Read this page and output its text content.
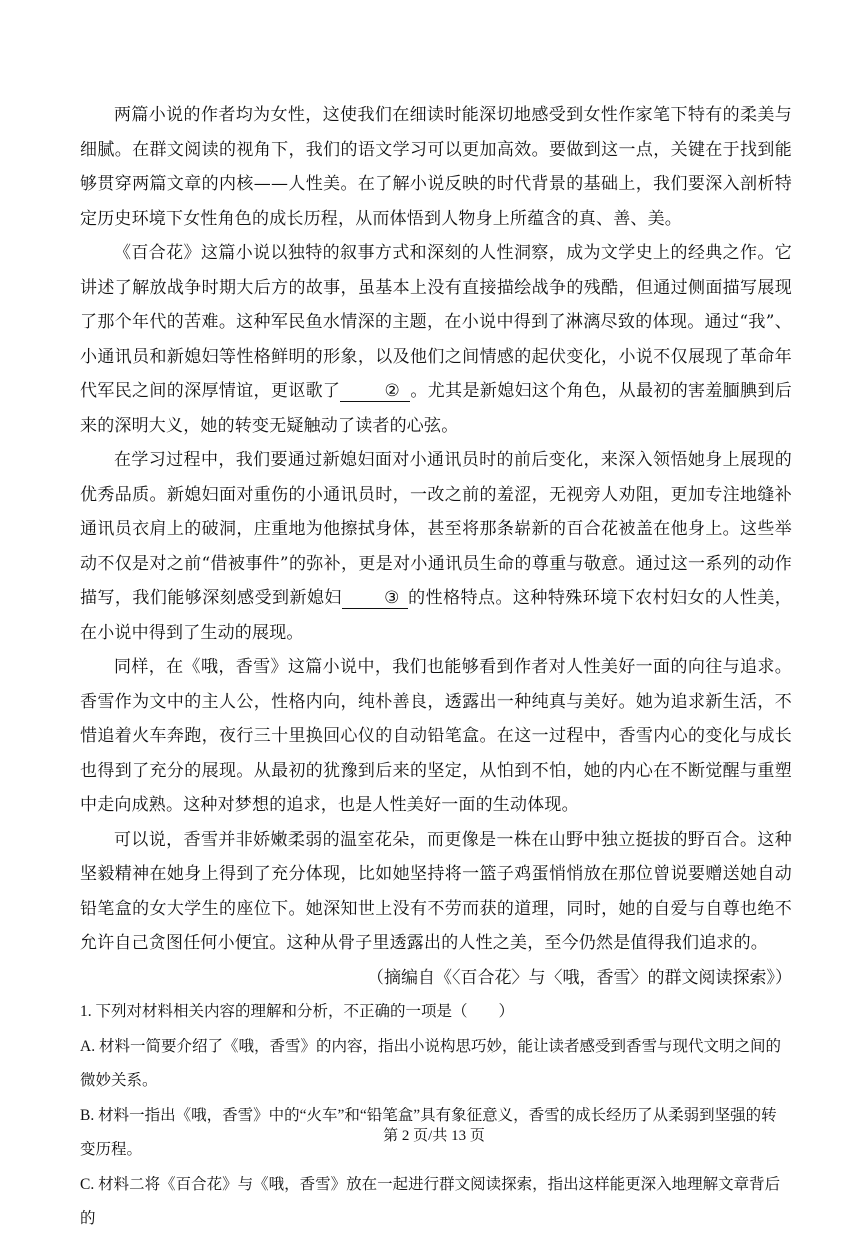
两篇小说的作者均为女性，这使我们在细读时能深切地感受到女性作家笔下特有的柔美与细腻。在群文阅读的视角下，我们的语文学习可以更加高效。要做到这一点，关键在于找到能够贯穿两篇文章的内核——人性美。在了解小说反映的时代背景的基础上，我们要深入剖析特定历史环境下女性角色的成长历程，从而体悟到人物身上所蕴含的真、善、美。

《百合花》这篇小说以独特的叙事方式和深刻的人性洞察，成为文学史上的经典之作。它讲述了解放战争时期大后方的故事，虽基本上没有直接描绘战争的残酷，但通过侧面描写展现了那个年代的苦难。这种军民鱼水情深的主题，在小说中得到了淋漓尽致的体现。通过“我”、小通讯员和新媳妇等性格鲜明的形象，以及他们之间情感的起伏变化，小说不仅展现了革命年代军民之间的深厚情谊，更讴歌了	② 。尤其是新媳妇这个角色，从最初的害羞腼腆到后来的深明大义，她的转变无疑触动了读者的心弦。

在学习过程中，我们要通过新媳妇面对小通讯员时的前后变化，来深入领悟她身上展现的优秀品质。新媳妇面对重伤的小通讯员时，一改之前的羞涩，无视旁人劝阻，更加专注地缝补通讯员衣肩上的破洞，庄重地为他擦拭身体，甚至将那条崭新的百合花被盖在他身上。这些举动不仅是对之前“借被事件”的弥补，更是对小通讯员生命的尊重与敬意。通过这一系列的动作描写，我们能够深刻感受到新媳妇 ③ 的性格特点。这种特殊环境下农村妇女的人性美，在小说中得到了生动的展现。

同样，在《哦，香雪》这篇小说中，我们也能够看到作者对人性美好一面的向往与追求。香雪作为文中的主人公，性格内向，纯朴善良，透露出一种纯真与美好。她为追求新生活，不惜追着火车奔跑，夜行三十里换回心仪的自动铅笔盒。在这一过程中，香雪内心的变化与成长也得到了充分的展现。从最初的犹豫到后来的坚定，从怕到不怕，她的内心在不断觉醒与重塑中走向成熟。这种对梦想的追求，也是人性美好一面的生动体现。

可以说，香雪并非娇嫩柔弱的温室花朵，而更像是一株在山野中独立挺拔的野百合。这种坚毅精神在她身上得到了充分体现，比如她坚持将一篮子鸡蛋悄悄放在那位曾说要赠送她自动铅笔盒的女大学生的座位下。她深知世上没有不劳而获的道理，同时，她的自爱与自尊也绝不允许自己贪图任何小便宜。这种从骨子里透露出的人性之美，至今仍然是值得我们追求的。

（摘编自《〈百合花〉与〈哦，香雪〉的群文阅读探索》）

1. 下列对材料相关内容的理解和分析，不正确的一项是（　　）

A. 材料一简要介绍了《哦，香雪》的内容，指出小说构思巧妙，能让读者感受到香雪与现代文明之间的微妙关系。

B. 材料一指出《哦，香雪》中的“火车”和“铅笔盒”具有象征意义，香雪的成长经历了从柔弱到坚强的转变历程。

C. 材料二将《百合花》与《哦，香雪》放在一起进行群文阅读探索，指出这样能更深入地理解文章背后的

第 2 页/共 13 页
